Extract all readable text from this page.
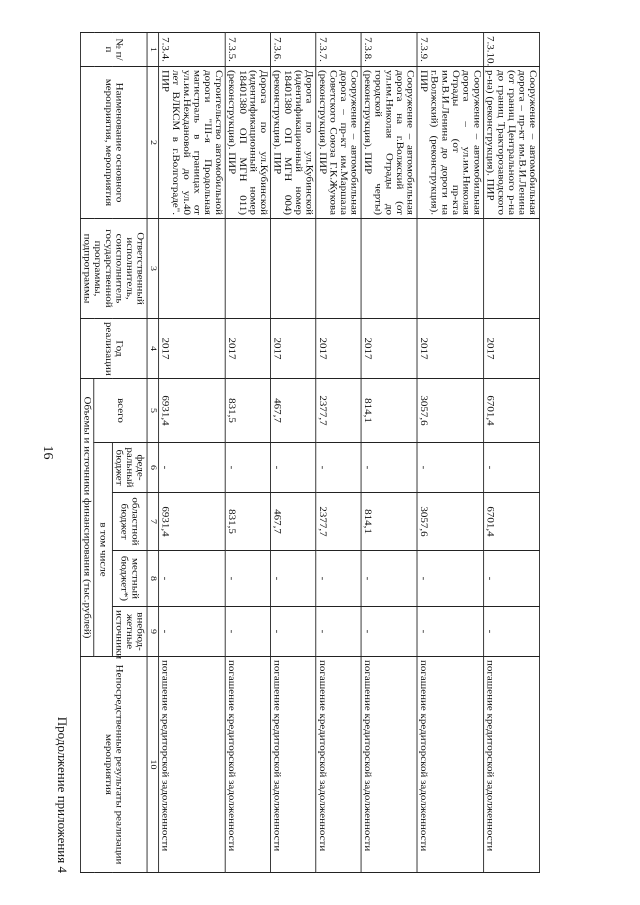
16
Продолжение приложения 4
№ п/п	Наименование основного мероприятия, мероприятия	Ответственный исполнитель, соисполнитель государственной программы, подпрограммы	Год реализации	Объемы и источники финансирования (тыс.рублей)					Непосредственные результаты реализации мероприятия

				всего	в том числе				

					феде- ральный бюджет	областной бюджет	местный бюджет*)	внебюд- жетные источники	

1	2	3	4	5	6	7	8	9	10

7.3.4.	Строительство автомобильной дороги "III-я Продольная магистраль в границах от ул.им.Неждановой до ул.40 лет ВЛКСМ в г.Волгограде". ПИР		2017	6931,4	-	6931,4	-	-	погашение кредиторской задолженности

7.3.5.	Дорога по ул.Кубинской (идентификационный номер 18401380 ОП МГН 011) (реконструкция). ПИР		2017	831,5	-	831,5	-	-	погашение кредиторской задолженности

7.3.6.	Дорога по ул.Кубинской (идентификационный номер 18401380 ОП МГН 004) (реконструкция). ПИР		2017	467,7	-	467,7	-	-	погашение кредиторской задолженности

7.3.7.	Сооружение – автомобильная дорога – пр-кт им.Маршала Советского Союза Г.К.Жукова (реконструкция). ПИР		2017	2377,7	-	2377,7	-	-	погашение кредиторской задолженности

7.3.8.	Сооружение – автомобильная дорога на г.Волжский (от ул.им.Николая Отрады до городской черты) (реконструкция). ПИР		2017	814,1	-	814,1	-	-	погашение кредиторской задолженности

7.3.9.	Сооружение – автомобильная дорога – ул.им.Николая Отрады (от пр-кта им.В.И.Ленина до дороги на г.Волжский) (реконструкция). ПИР		2017	3057,6	-	3057,6	-	-	погашение кредиторской задолженности

7.3.10.	Сооружение – автомобильная дорога – пр-кт им.В.И.Ленина (от границ Центрального р-на до границ Тракторозаводского р-на) (реконструкция). ПИР		2017	6701,4	-	6701,4	-	-	погашение кредиторской задолженности
